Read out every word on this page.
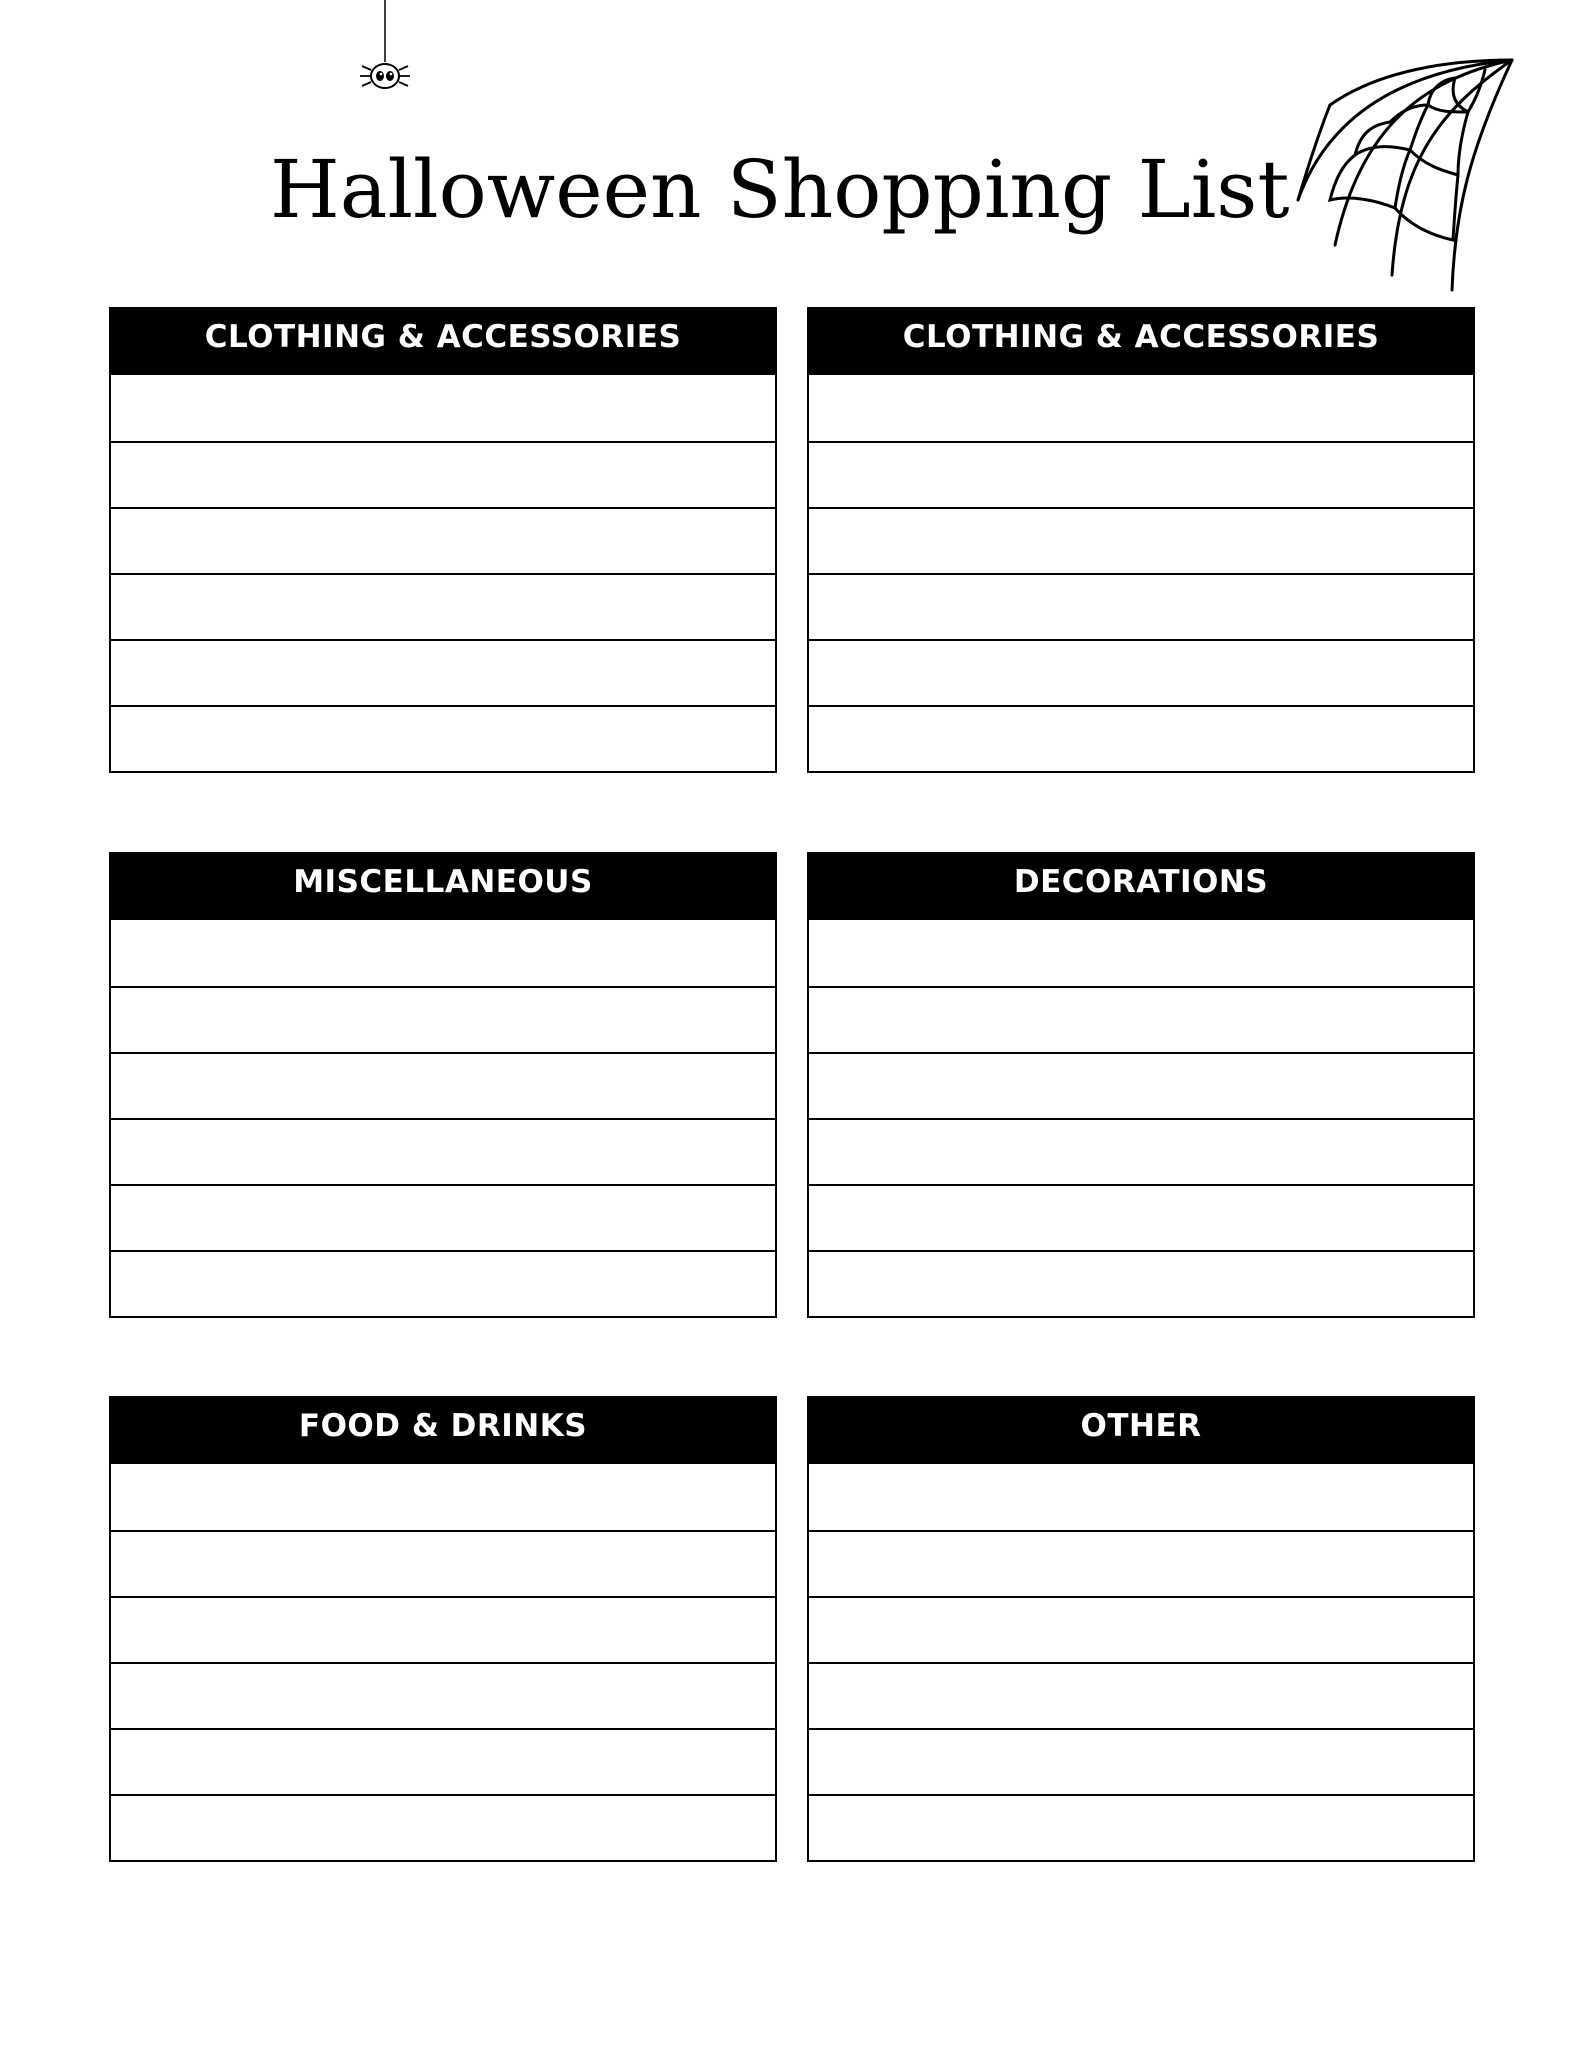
Halloween Shopping List
CLOTHING & ACCESSORIES	CLOTHING & ACCESSORIES
MISCELLANEOUS	DECORATIONS
FOOD & DRINKS	OTHER
